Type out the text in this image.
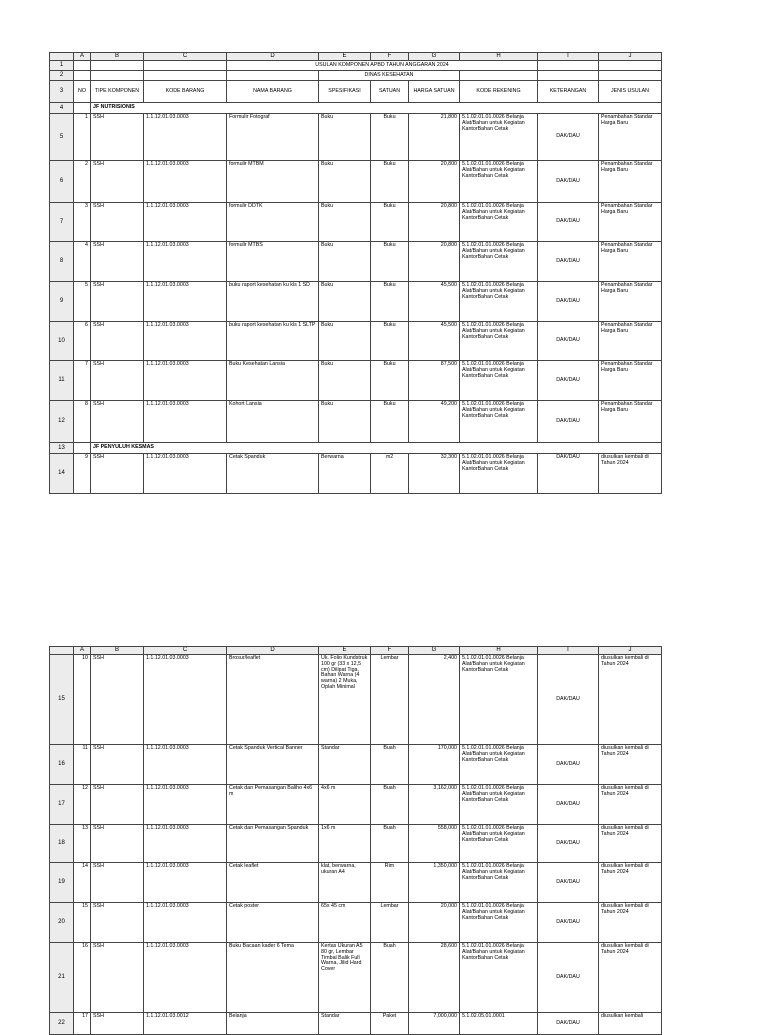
	A	B	C	D	E	F	G	H	I	J
1				USULAN KOMPONEN APBD TAHUN ANGGARAN 2024						
2					DINAS KESEHATAN					
3	NO	TIPE KOMPONEN	KODE BARANG	NAMA BARANG	SPESIFIKASI	SATUAN	HARGA SATUAN	KODE REKENING	KETERANGAN	JENIS USULAN
4		JF NUTRISIONIS								
5	1	SSH	1.1.12.01.03.0003	Formulir Fotograf	Buku	Buku	21,800	5.1.02.01.01.0026 Belanja Alat/Bahan untuk Kegiatan KantorBahan Cetak	DAK/DAU	Penambahan Standar Harga Baru
6	2	SSH	1.1.12.01.03.0003	formulir MTBM	Buku	Buku	20,800	5.1.02.01.01.0026 Belanja Alat/Bahan untuk Kegiatan KantorBahan Cetak	DAK/DAU	Penambahan Standar Harga Baru
7	3	SSH	1.1.12.01.03.0003	formulir DDTK	Buku	Buku	20,800	5.1.02.01.01.0026 Belanja Alat/Bahan untuk Kegiatan KantorBahan Cetak	DAK/DAU	Penambahan Standar Harga Baru
8	4	SSH	1.1.12.01.03.0003	formulir MTBS	Buku	Buku	20,800	5.1.02.01.01.0026 Belanja Alat/Bahan untuk Kegiatan KantorBahan Cetak	DAK/DAU	Penambahan Standar Harga Baru
9	5	SSH	1.1.12.01.03.0003	buku raport kesehatan ku kls 1 SD	Buku	Buku	45,500	5.1.02.01.01.0026 Belanja Alat/Bahan untuk Kegiatan KantorBahan Cetak	DAK/DAU	Penambahan Standar Harga Baru
10	6	SSH	1.1.12.01.03.0003	buku raport kesehatan ku kls 1 SLTP	Buku	Buku	45,500	5.1.02.01.01.0026 Belanja Alat/Bahan untuk Kegiatan KantorBahan Cetak	DAK/DAU	Penambahan Standar Harga Baru
11	7	SSH	1.1.12.01.03.0003	Buku Kesehatan Lansia	Buku	Buku	87,500	5.1.02.01.01.0026 Belanja Alat/Bahan untuk Kegiatan KantorBahan Cetak	DAK/DAU	Penambahan Standar Harga Baru
12	8	SSH	1.1.12.01.03.0003	Kohort Lansia	Buku	Buku	49,200	5.1.02.01.01.0026 Belanja Alat/Bahan untuk Kegiatan KantorBahan Cetak	DAK/DAU	Penambahan Standar Harga Baru
13		JF PENYULUH KESMAS								
14	9	SSH	1.1.12.01.03.0003	Cetak Spanduk	Berwarna	m2	32,300	5.1.02.01.01.0026 Belanja Alat/Bahan untuk Kegiatan KantorBahan Cetak	DAK/DAU	diusulkan kembali di Tahun 2024
	A	B	C	D	E	F	G	H	I	J
15	10	SSH	1.1.12.01.03.0003	Brosur/leaflet	Uk. Folio Kundstruk 100 gr (33 x 12,5 cm) Dilipat Tiga, Bahan Warna (4 warna) 2 Muka, Oplah Minimal	Lembar	2,400	5.1.02.01.01.0026 Belanja Alat/Bahan untuk Kegiatan KantorBahan Cetak	DAK/DAU	diusulkan kembali di Tahun 2024
16	11	SSH	1.1.12.01.03.0003	Cetak Spanduk Vertical Banner	Standar	Buah	170,000	5.1.02.01.01.0026 Belanja Alat/Bahan untuk Kegiatan KantorBahan Cetak	DAK/DAU	diusulkan kembali di Tahun 2024
17	12	SSH	1.1.12.01.03.0003	Cetak dan Pemasangan Baliho 4x6 m	4x6 m	Buah	3,162,000	5.1.02.01.01.0026 Belanja Alat/Bahan untuk Kegiatan KantorBahan Cetak	DAK/DAU	diusulkan kembali di Tahun 2024
18	13	SSH	1.1.12.01.03.0003	Cetak dan Pemasangan Spanduk	1x6 m	Buah	558,000	5.1.02.01.01.0026 Belanja Alat/Bahan untuk Kegiatan KantorBahan Cetak	DAK/DAU	diusulkan kembali di Tahun 2024
19	14	SSH	1.1.12.01.03.0003	Cetak leaflet	klat, berwarna, ukuran A4	Rim	1,350,000	5.1.02.01.01.0026 Belanja Alat/Bahan untuk Kegiatan KantorBahan Cetak	DAK/DAU	diusulkan kembali di Tahun 2024
20	15	SSH	1.1.12.01.03.0003	Cetak poster	65x 45 cm	Lembar	20,000	5.1.02.01.01.0026 Belanja Alat/Bahan untuk Kegiatan KantorBahan Cetak	DAK/DAU	diusulkan kembali di Tahun 2024
21	16	SSH	1.1.12.01.03.0003	Buku Bacaan kader 6 Tema	Kertas Ukuran A5 80 gr, Lembar Timbal Balik Full Warna, Jilid Hard Cover	Buah	28,600	5.1.02.01.01.0026 Belanja Alat/Bahan untuk Kegiatan KantorBahan Cetak	DAK/DAU	diusulkan kembali di Tahun 2024
22	17	SSH	1.1.12.01.03.0012	Belanja	Standar	Paket	7,000,000	5.1.02.05.01.0001	DAK/DAU	diusulkan kembali
